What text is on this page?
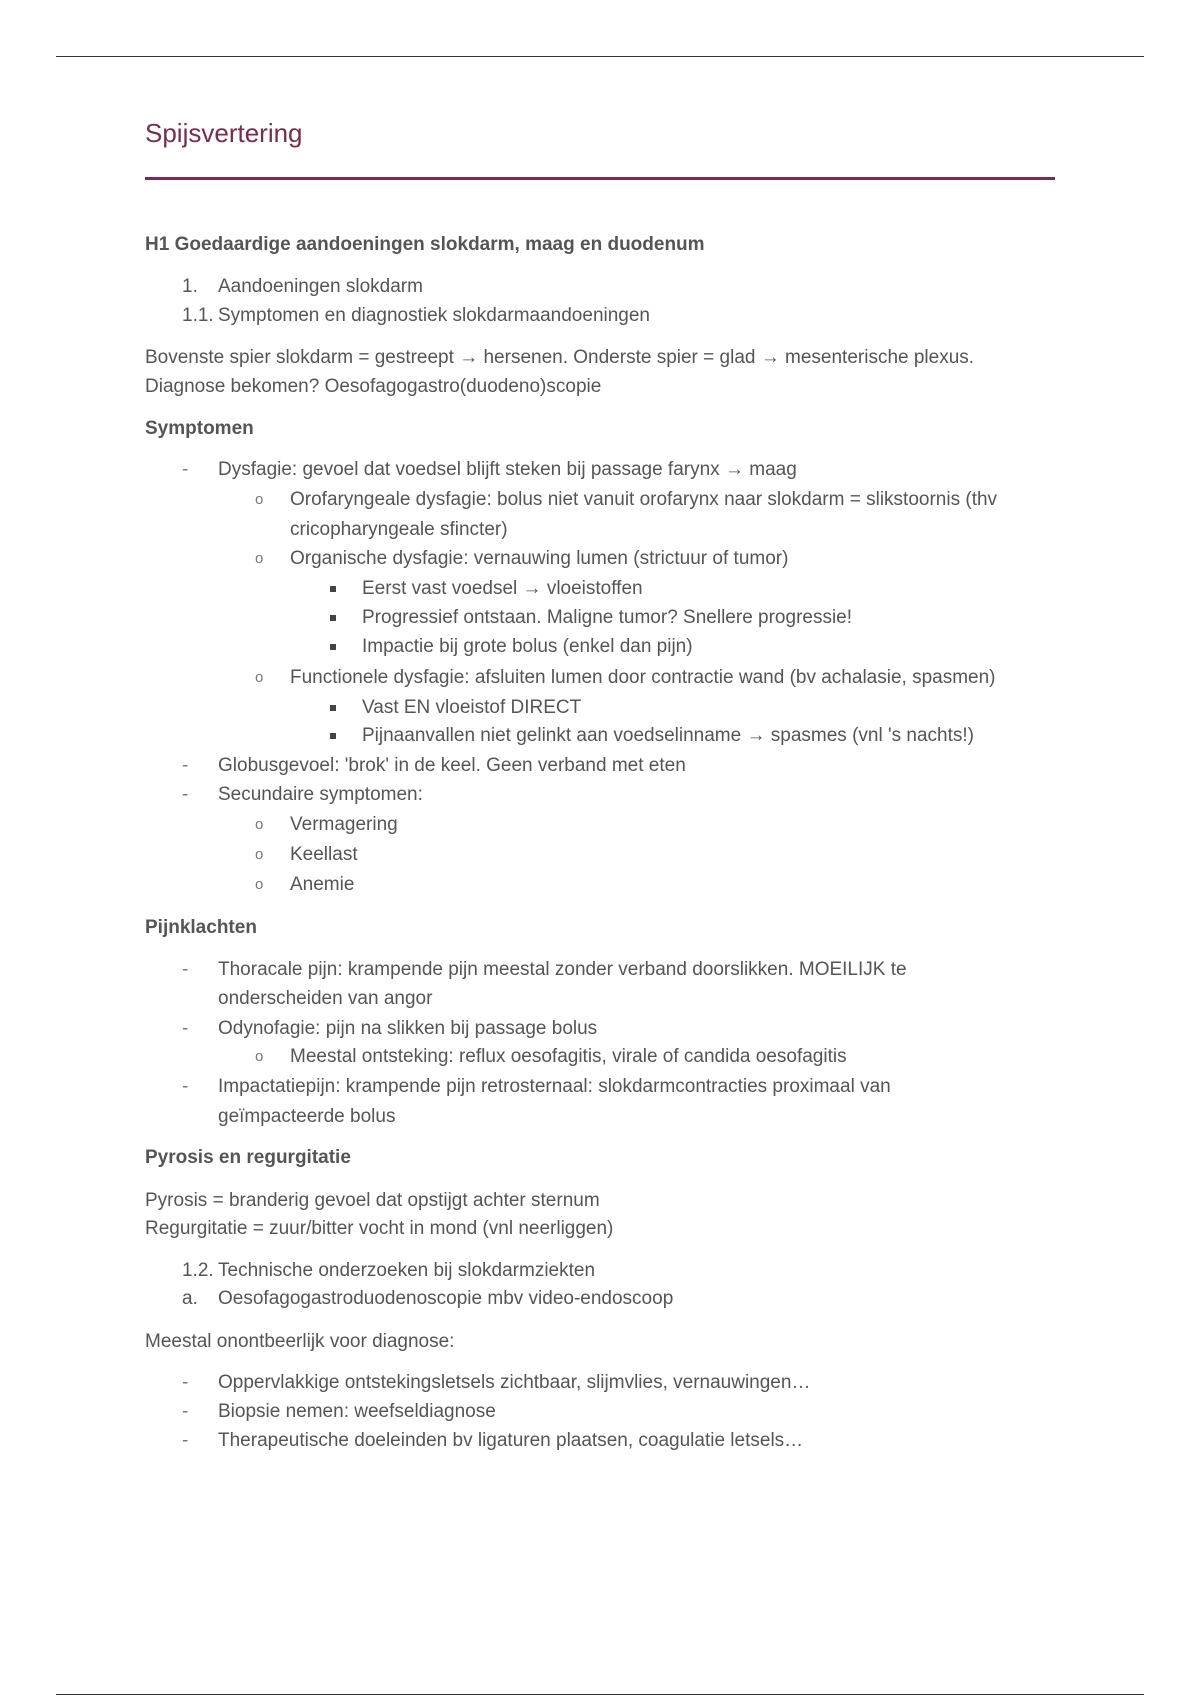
Spijsvertering
H1 Goedaardige aandoeningen slokdarm, maag en duodenum
1. Aandoeningen slokdarm
1.1. Symptomen en diagnostiek slokdarmaandoeningen
Bovenste spier slokdarm = gestreept → hersenen. Onderste spier = glad → mesenterische plexus.
Diagnose bekomen? Oesofagogastro(duodeno)scopie
Symptomen
- Dysfagie: gevoel dat voedsel blijft steken bij passage farynx → maag
o Orofaryngeale dysfagie: bolus niet vanuit orofarynx naar slokdarm = slikstoornis (thv
cricopharyngeale sfincter)
o Organische dysfagie: vernauwing lumen (strictuur of tumor)
Eerst vast voedsel → vloeistoffen
Progressief ontstaan. Maligne tumor? Snellere progressie!
Impactie bij grote bolus (enkel dan pijn)
o Functionele dysfagie: afsluiten lumen door contractie wand (bv achalasie, spasmen)
Vast EN vloeistof DIRECT
Pijnaanvallen niet gelinkt aan voedselinname → spasmes (vnl 's nachts!)
- Globusgevoel: 'brok' in de keel. Geen verband met eten
- Secundaire symptomen:
o Vermagering
o Keellast
o Anemie
Pijnklachten
- Thoracale pijn: krampende pijn meestal zonder verband doorslikken. MOEILIJK te
onderscheiden van angor
- Odynofagie: pijn na slikken bij passage bolus
o Meestal ontsteking: reflux oesofagitis, virale of candida oesofagitis
- Impactatiepijn: krampende pijn retrosternaal: slokdarmcontracties proximaal van
geïmpacteerde bolus
Pyrosis en regurgitatie
Pyrosis = branderig gevoel dat opstijgt achter sternum
Regurgitatie = zuur/bitter vocht in mond (vnl neerliggen)
1.2. Technische onderzoeken bij slokdarmziekten
a. Oesofagogastroduodenoscopie mbv video-endoscoop
Meestal onontbeerlijk voor diagnose:
- Oppervlakkige ontstekingsletsels zichtbaar, slijmvlies, vernauwingen…
- Biopsie nemen: weefseldiagnose
- Therapeutische doeleinden bv ligaturen plaatsen, coagulatie letsels…
